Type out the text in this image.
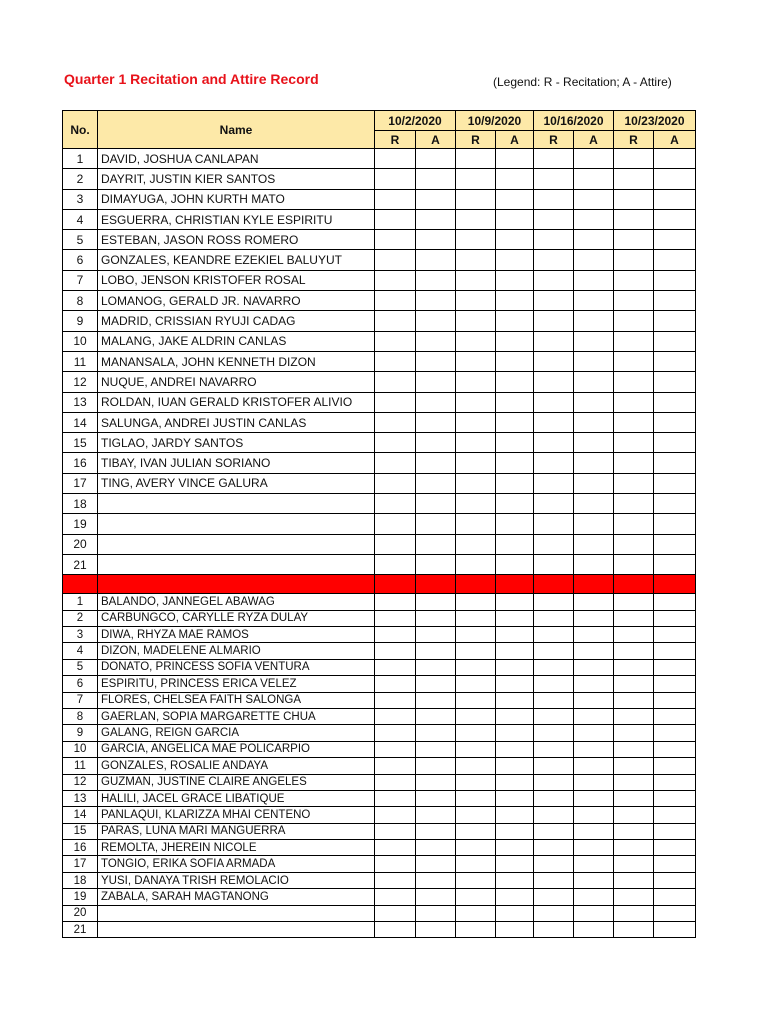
Quarter 1 Recitation and Attire Record	(Legend: R - Recitation; A - Attire)
No.	Name	10/2/2020		10/9/2020		10/16/2020		10/23/2020	
		R	A	R	A	R	A	R	A
1	DAVID, JOSHUA CANLAPAN								
2	DAYRIT, JUSTIN KIER SANTOS								
3	DIMAYUGA, JOHN KURTH MATO								
4	ESGUERRA, CHRISTIAN KYLE ESPIRITU								
5	ESTEBAN, JASON ROSS ROMERO								
6	GONZALES, KEANDRE EZEKIEL BALUYUT								
7	LOBO, JENSON KRISTOFER ROSAL								
8	LOMANOG, GERALD JR. NAVARRO								
9	MADRID, CRISSIAN RYUJI CADAG								
10	MALANG, JAKE ALDRIN CANLAS								
11	MANANSALA, JOHN KENNETH DIZON								
12	NUQUE, ANDREI NAVARRO								
13	ROLDAN, IUAN GERALD KRISTOFER ALIVIO								
14	SALUNGA, ANDREI JUSTIN CANLAS								
15	TIGLAO, JARDY SANTOS								
16	TIBAY, IVAN JULIAN SORIANO								
17	TING, AVERY VINCE GALURA								
18									
19									
20									
21									

1	BALANDO, JANNEGEL ABAWAG								
2	CARBUNGCO, CARYLLE RYZA DULAY								
3	DIWA, RHYZA MAE RAMOS								
4	DIZON, MADELENE ALMARIO								
5	DONATO, PRINCESS SOFIA VENTURA								
6	ESPIRITU, PRINCESS ERICA VELEZ								
7	FLORES, CHELSEA FAITH SALONGA								
8	GAERLAN, SOPIA MARGARETTE CHUA								
9	GALANG, REIGN GARCIA								
10	GARCIA, ANGELICA MAE POLICARPIO								
11	GONZALES, ROSALIE ANDAYA								
12	GUZMAN, JUSTINE CLAIRE ANGELES								
13	HALILI, JACEL GRACE LIBATIQUE								
14	PANLAQUI, KLARIZZA MHAI CENTENO								
15	PARAS, LUNA MARI MANGUERRA								
16	REMOLTA, JHEREIN NICOLE								
17	TONGIO, ERIKA SOFIA ARMADA								
18	YUSI, DANAYA TRISH REMOLACIO								
19	ZABALA, SARAH MAGTANONG								
20									
21									
